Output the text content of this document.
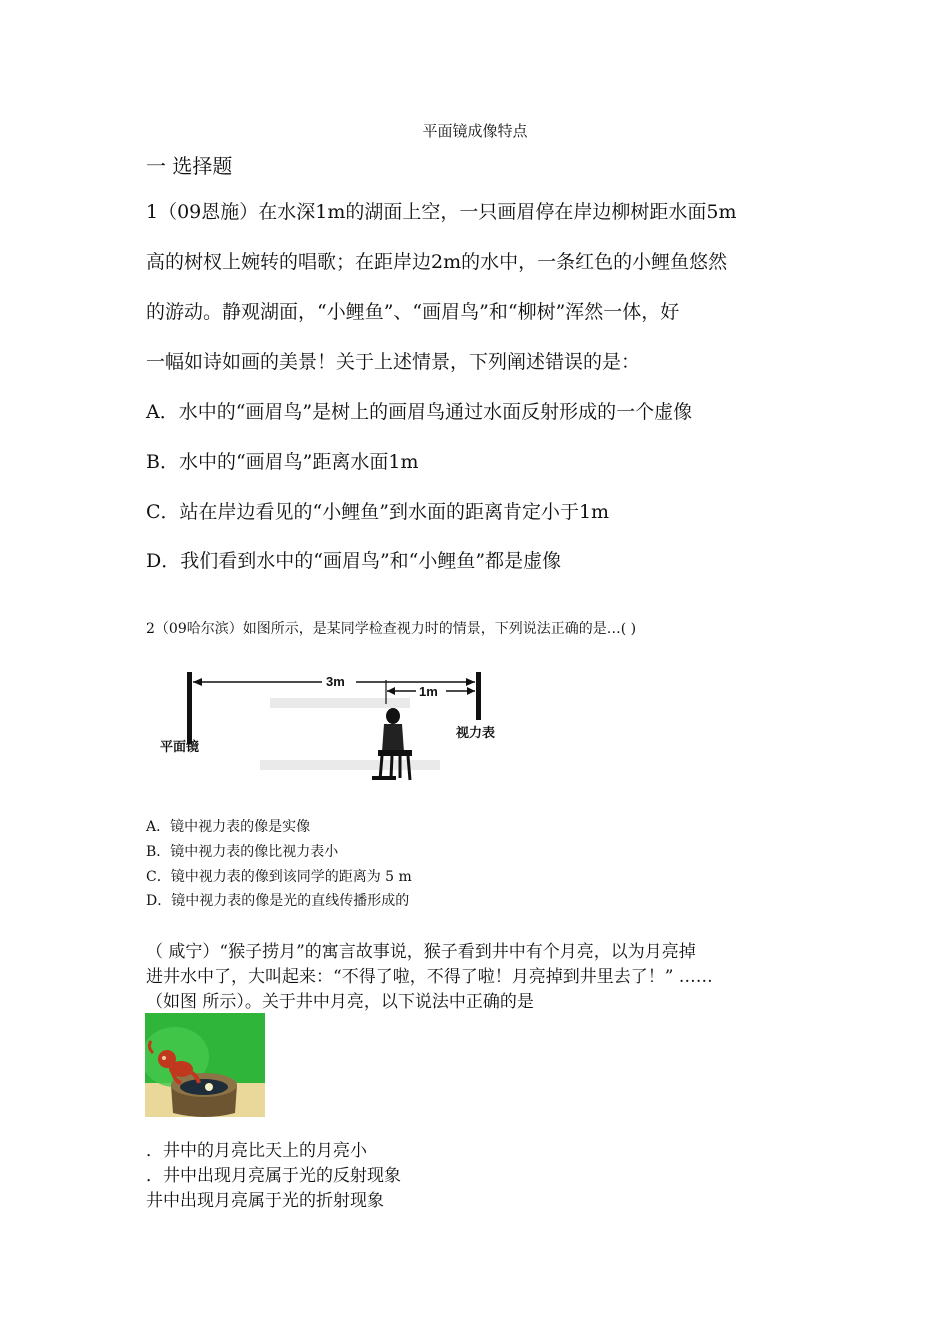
平面镜成像特点
一 选择题
1（09恩施）在水深1m的湖面上空，一只画眉停在岸边柳树距水面5m
高的树杈上婉转的唱歌；在距岸边2m的水中，一条红色的小鲤鱼悠然
的游动。静观湖面，“小鲤鱼”、“画眉鸟”和“柳树”浑然一体，好
一幅如诗如画的美景！关于上述情景，下列阐述错误的是：
A．水中的“画眉鸟”是树上的画眉鸟通过水面反射形成的一个虚像
B．水中的“画眉鸟”距离水面1m
C．站在岸边看见的“小鲤鱼”到水面的距离肯定小于1m
D．我们看到水中的“画眉鸟”和“小鲤鱼”都是虚像
2（09哈尔滨）如图所示，是某同学检查视力时的情景，下列说法正确的是…( )
3m
1m
平面镜
视力表
A．镜中视力表的像是实像
B．镜中视力表的像比视力表小
C．镜中视力表的像到该同学的距离为 5 m
D．镜中视力表的像是光的直线传播形成的
（ 咸宁）“猴子捞月”的寓言故事说，猴子看到井中有个月亮，以为月亮掉
进井水中了，大叫起来：“不得了啦，不得了啦！月亮掉到井里去了！” ……
（如图 所示）。关于井中月亮，以下说法中正确的是
．井中的月亮比天上的月亮小
．井中出现月亮属于光的反射现象
井中出现月亮属于光的折射现象
